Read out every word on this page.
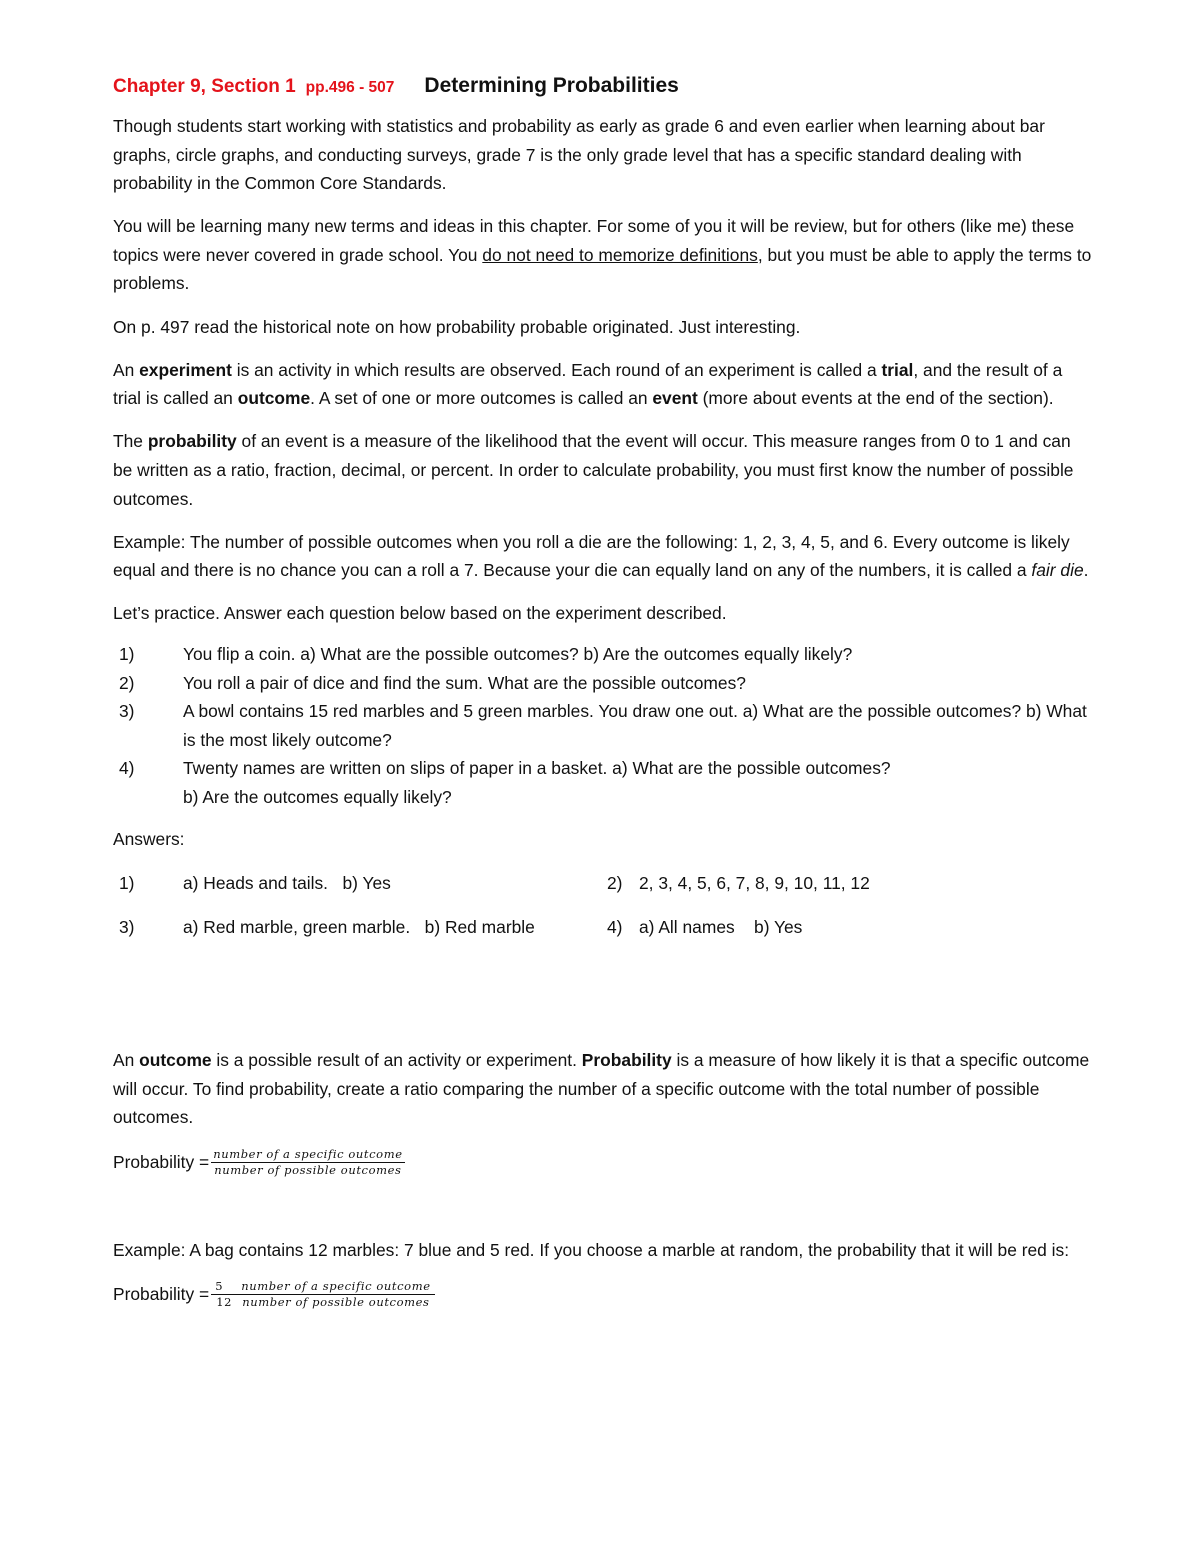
Chapter 9, Section 1 pp.496 - 507 Determining Probabilities

Though students start working with statistics and probability as early as grade 6 and even earlier when learning about bar graphs, circle graphs, and conducting surveys, grade 7 is the only grade level that has a specific standard dealing with probability in the Common Core Standards.

You will be learning many new terms and ideas in this chapter. For some of you it will be review, but for others (like me) these topics were never covered in grade school. You do not need to memorize definitions, but you must be able to apply the terms to problems.

On p. 497 read the historical note on how probability probable originated. Just interesting.

An experiment is an activity in which results are observed. Each round of an experiment is called a trial, and the result of a trial is called an outcome. A set of one or more outcomes is called an event (more about events at the end of the section).

The probability of an event is a measure of the likelihood that the event will occur. This measure ranges from 0 to 1 and can be written as a ratio, fraction, decimal, or percent. In order to calculate probability, you must first know the number of possible outcomes.

Example: The number of possible outcomes when you roll a die are the following: 1, 2, 3, 4, 5, and 6. Every outcome is likely equal and there is no chance you can a roll a 7. Because your die can equally land on any of the numbers, it is called a fair die.

Let’s practice. Answer each question below based on the experiment described.

1)	You flip a coin. a) What are the possible outcomes? b) Are the outcomes equally likely?
2)	You roll a pair of dice and find the sum. What are the possible outcomes?
3)	A bowl contains 15 red marbles and 5 green marbles. You draw one out. a) What are the possible outcomes? b) What is the most likely outcome?
4)	Twenty names are written on slips of paper in a basket. a) What are the possible outcomes?
b) Are the outcomes equally likely?

Answers:

1)	a) Heads and tails.   b) Yes	2) 2, 3, 4, 5, 6, 7, 8, 9, 10, 11, 12
3)	a) Red marble, green marble.   b) Red marble	4) a) All names    b) Yes

An outcome is a possible result of an activity or experiment. Probability is a measure of how likely it is that a specific outcome will occur. To find probability, create a ratio comparing the number of a specific outcome with the total number of possible outcomes.

Probability = $\frac{\text{number of a specific outcome}}{\text{number of possible outcomes}}$

Example: A bag contains 12 marbles: 7 blue and 5 red. If you choose a marble at random, the probability that it will be red is:

Probability = 5	number of a specific outcome
12 number of possible outcomes
